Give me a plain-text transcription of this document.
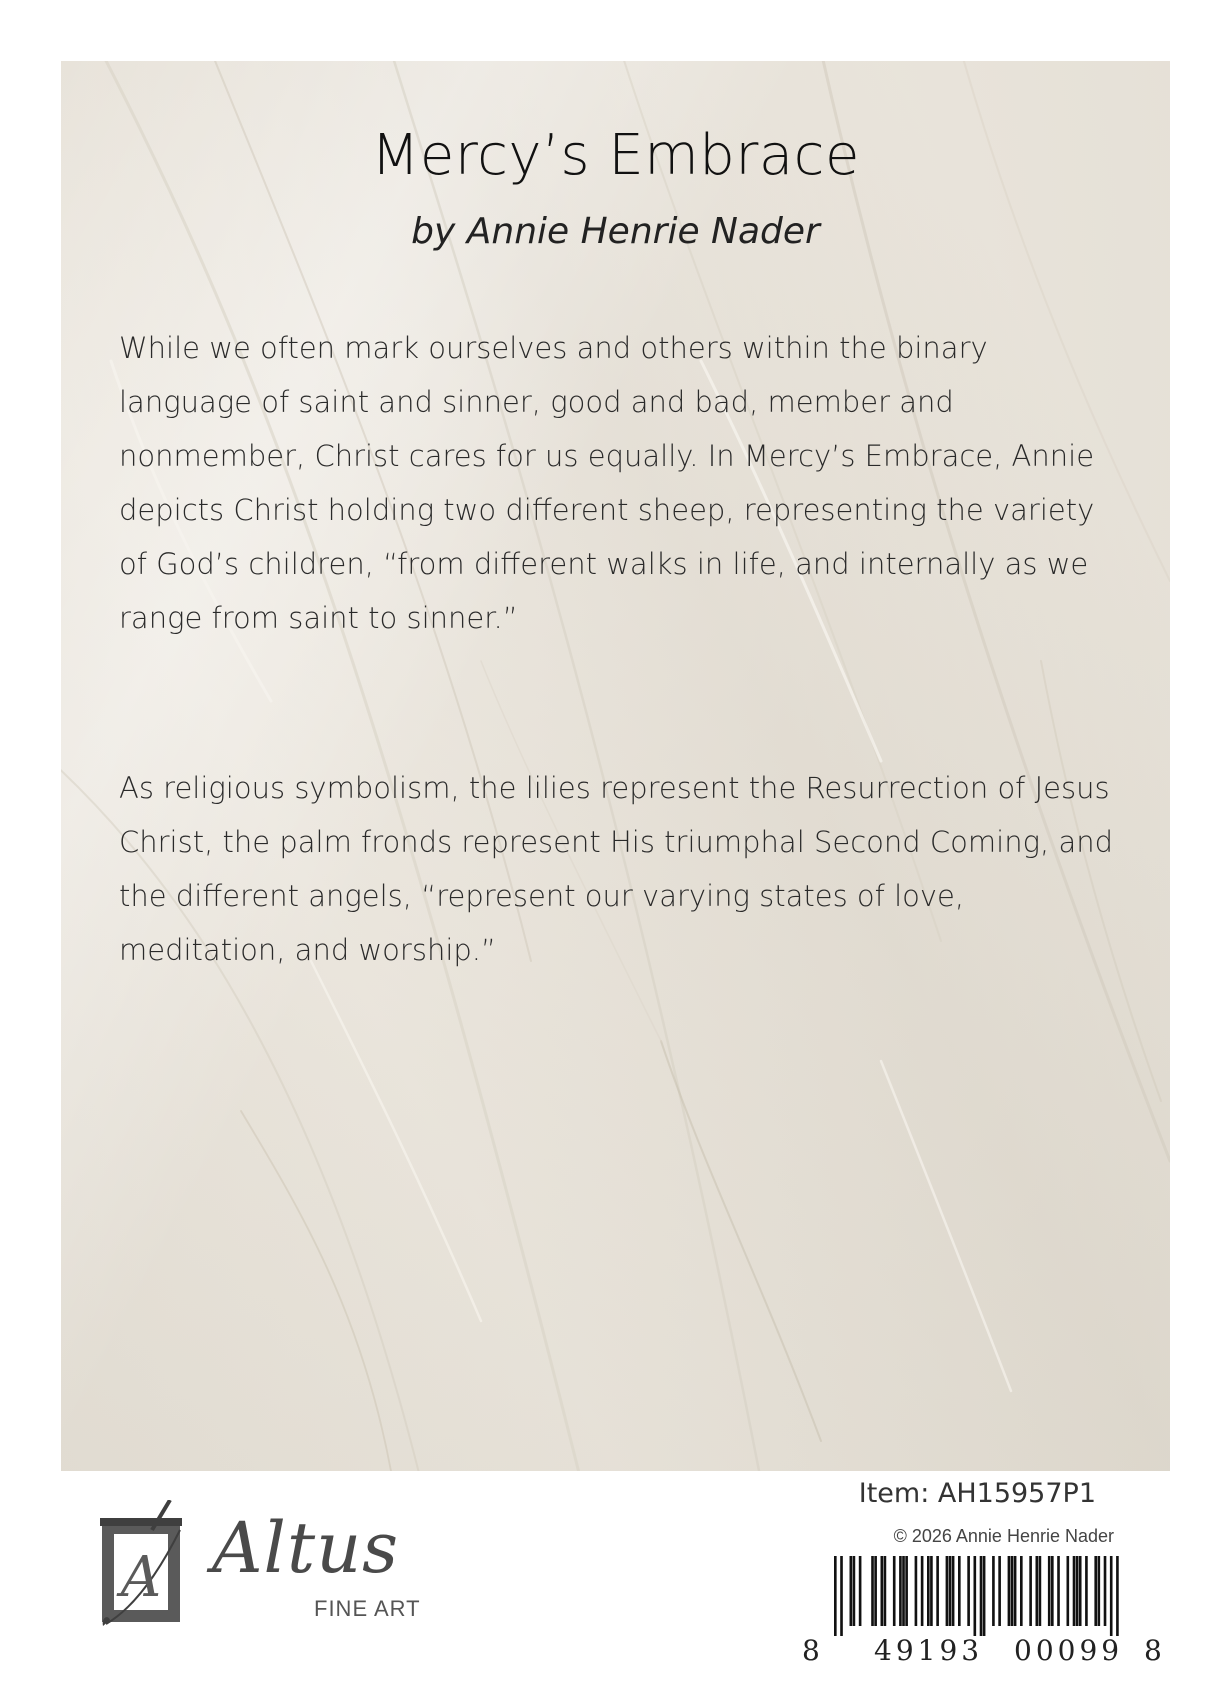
Mercy’s Embrace

by Annie Henrie Nader

While we often mark ourselves and others within the binary language of saint and sinner, good and bad, member and nonmember, Christ cares for us equally. In Mercy’s Embrace, Annie depicts Christ holding two different sheep, representing the variety of God’s children, “from different walks in life, and internally as we range from saint to sinner.”

As religious symbolism, the lilies represent the Resurrection of Jesus Christ, the palm fronds represent His triumphal Second Coming, and the different angels, “represent our varying states of love, meditation, and worship.”

A Altus
FINE ART
Item: AH15957P1
© 2026 Annie Henrie Nader
8 49193 00099 8
